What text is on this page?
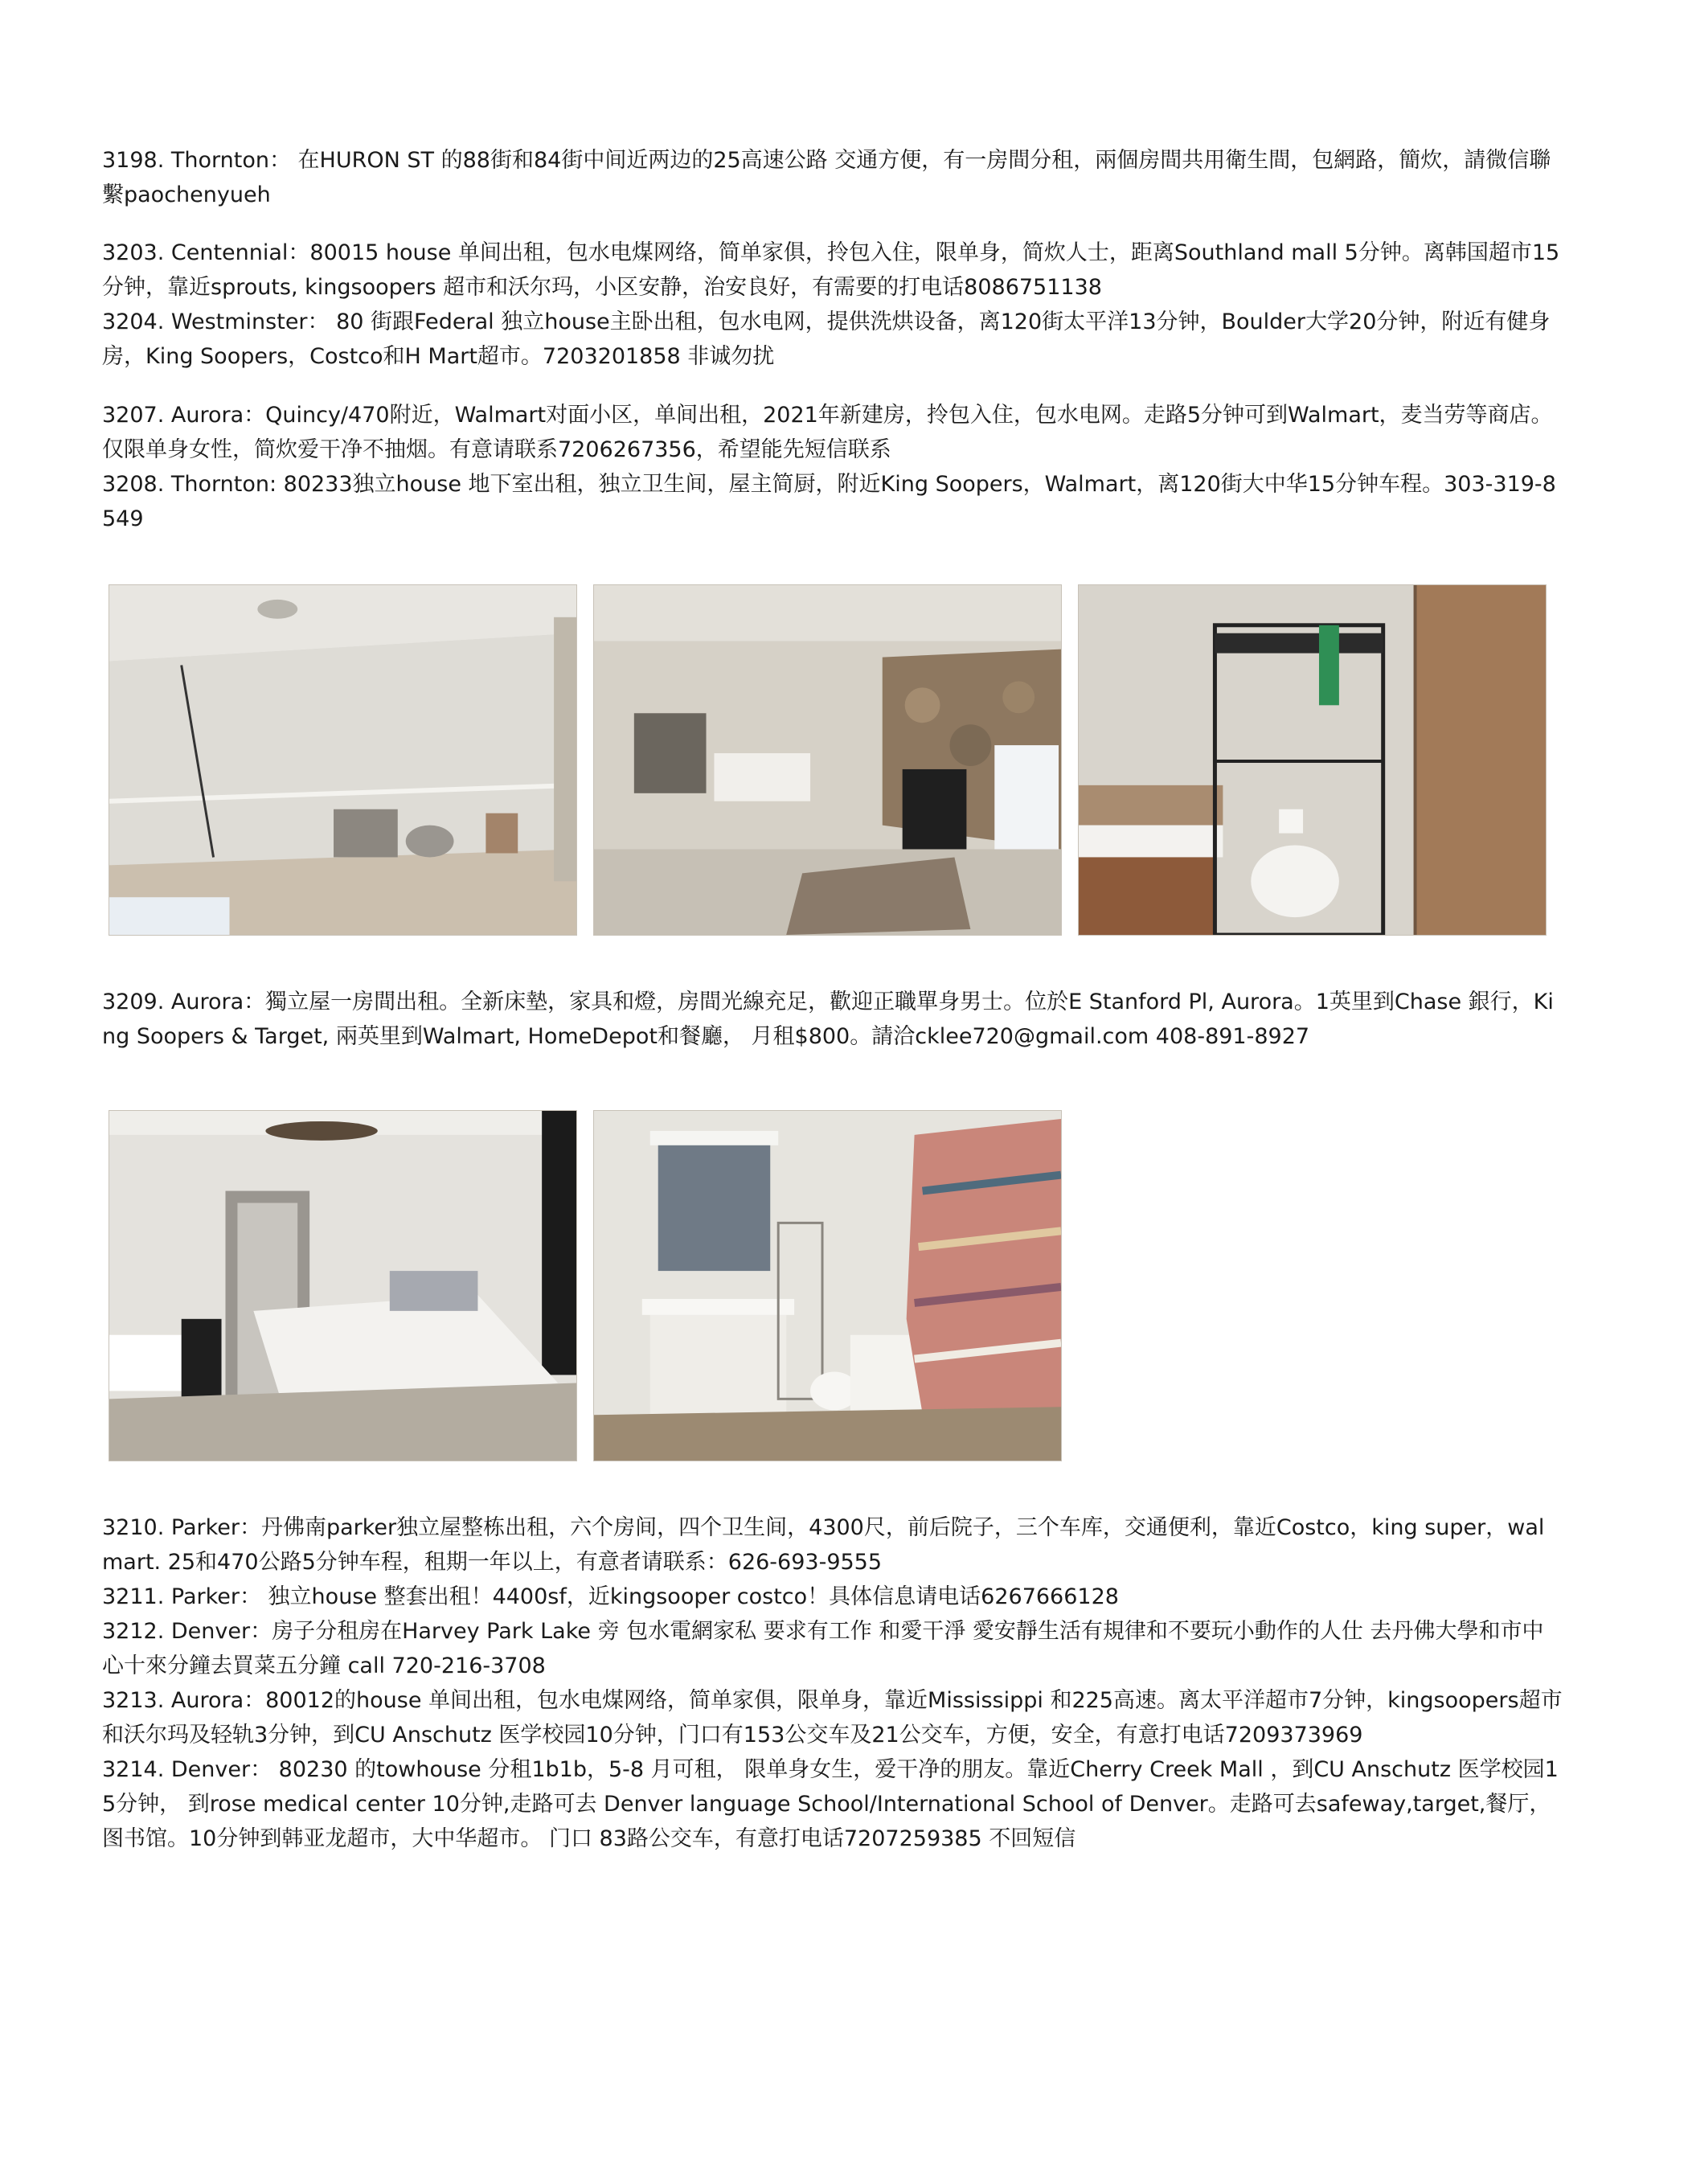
3198. Thornton： 在HURON ST 的88街和84街中间近两边的25高速公路 交通方便，有一房間分租，兩個房間共用衛生間，包網路，簡炊，請微信聯繫paochenyueh

3203. Centennial：80015 house 单间出租，包水电煤网络，简单家俱，拎包入住，限单身，简炊人士，距离Southland mall 5分钟。离韩国超市15分钟，靠近sprouts, kingsoopers 超市和沃尔玛，小区安静，治安良好，有需要的打电话8086751138

3204. Westminster： 80 街跟Federal 独立house主卧出租，包水电网，提供洗烘设备，离120街太平洋13分钟，Boulder大学20分钟，附近有健身房，King Soopers，Costco和H Mart超市。7203201858 非诚勿扰

3207. Aurora：Quincy/470附近，Walmart对面小区，单间出租，2021年新建房，拎包入住，包水电网。走路5分钟可到Walmart，麦当劳等商店。仅限单身女性，简炊爱干净不抽烟。有意请联系7206267356，希望能先短信联系

3208. Thornton: 80233独立house 地下室出租，独立卫生间，屋主简厨，附近King Soopers，Walmart，离120街大中华15分钟车程。303-319-8549

3209. Aurora：獨立屋一房間出租。全新床墊，家具和燈，房間光線充足，歡迎正職單身男士。位於E Stanford Pl, Aurora。1英里到Chase 銀行，King Soopers & Target, 兩英里到Walmart, HomeDepot和餐廳， 月租$800。請洽cklee720@gmail.com 408-891-8927

3210. Parker：丹佛南parker独立屋整栋出租，六个房间，四个卫生间，4300尺，前后院子，三个车库，交通便利，靠近Costco，king super，walmart. 25和470公路5分钟车程，租期一年以上，有意者请联系：626-693-9555

3211. Parker： 独立house 整套出租！4400sf，近kingsooper costco！具体信息请电话6267666128

3212. Denver：房子分租房在Harvey Park Lake 旁 包水電網家私 要求有工作 和愛干淨 愛安靜生活有規律和不要玩小動作的人仕 去丹佛大學和市中心十來分鐘去買菜五分鐘 call 720-216-3708

3213. Aurora：80012的house 单间出租，包水电煤网络，简单家俱，限单身，靠近Mississippi 和225高速。离太平洋超市7分钟，kingsoopers超市和沃尔玛及轻轨3分钟，到CU Anschutz 医学校园10分钟，门口有153公交车及21公交车，方便，安全，有意打电话7209373969

3214. Denver： 80230 的towhouse 分租1b1b，5-8 月可租， 限单身女生，爱干净的朋友。靠近Cherry Creek Mall ，到CU Anschutz 医学校园15分钟， 到rose medical center 10分钟,走路可去 Denver language School/International School of Denver。走路可去safeway,target,餐厅，图书馆。10分钟到韩亚龙超市，大中华超市。 门口 83路公交车，有意打电话7207259385 不回短信
